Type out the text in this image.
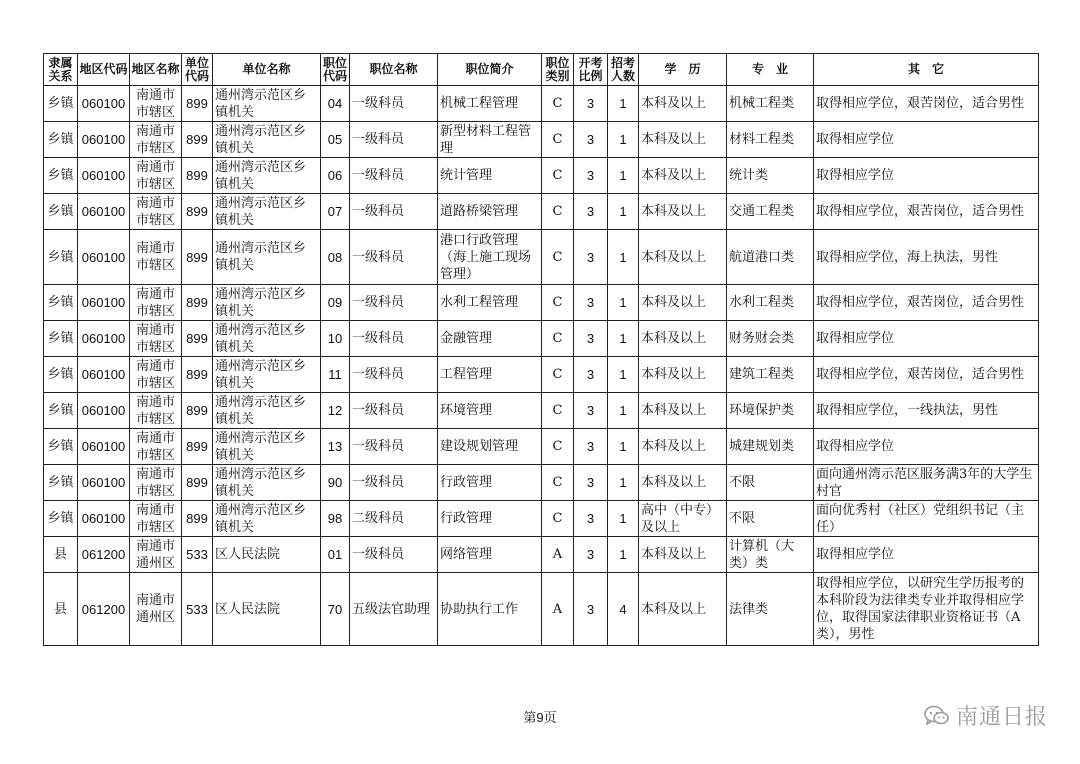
隶属关系	地区代码	地区名称	单位代码	单位名称	职位代码	职位名称	职位简介	职位类别	开考比例	招考人数	学　历	专　业	其　它
乡镇	060100	南通市市辖区	899	通州湾示范区乡镇机关	04	一级科员	机械工程管理	C	3	1	本科及以上	机械工程类	取得相应学位，艰苦岗位，适合男性
乡镇	060100	南通市市辖区	899	通州湾示范区乡镇机关	05	一级科员	新型材料工程管理	C	3	1	本科及以上	材料工程类	取得相应学位
乡镇	060100	南通市市辖区	899	通州湾示范区乡镇机关	06	一级科员	统计管理	C	3	1	本科及以上	统计类	取得相应学位
乡镇	060100	南通市市辖区	899	通州湾示范区乡镇机关	07	一级科员	道路桥梁管理	C	3	1	本科及以上	交通工程类	取得相应学位，艰苦岗位，适合男性
乡镇	060100	南通市市辖区	899	通州湾示范区乡镇机关	08	一级科员	港口行政管理（海上施工现场管理）	C	3	1	本科及以上	航道港口类	取得相应学位，海上执法，男性
乡镇	060100	南通市市辖区	899	通州湾示范区乡镇机关	09	一级科员	水利工程管理	C	3	1	本科及以上	水利工程类	取得相应学位，艰苦岗位，适合男性
乡镇	060100	南通市市辖区	899	通州湾示范区乡镇机关	10	一级科员	金融管理	C	3	1	本科及以上	财务财会类	取得相应学位
乡镇	060100	南通市市辖区	899	通州湾示范区乡镇机关	11	一级科员	工程管理	C	3	1	本科及以上	建筑工程类	取得相应学位，艰苦岗位，适合男性
乡镇	060100	南通市市辖区	899	通州湾示范区乡镇机关	12	一级科员	环境管理	C	3	1	本科及以上	环境保护类	取得相应学位，一线执法，男性
乡镇	060100	南通市市辖区	899	通州湾示范区乡镇机关	13	一级科员	建设规划管理	C	3	1	本科及以上	城建规划类	取得相应学位
乡镇	060100	南通市市辖区	899	通州湾示范区乡镇机关	90	一级科员	行政管理	C	3	1	本科及以上	不限	面向通州湾示范区服务满3年的大学生村官
乡镇	060100	南通市市辖区	899	通州湾示范区乡镇机关	98	二级科员	行政管理	C	3	1	高中（中专）及以上	不限	面向优秀村（社区）党组织书记（主任）
县	061200	南通市通州区	533	区人民法院	01	一级科员	网络管理	A	3	1	本科及以上	计算机（大类）类	取得相应学位
县	061200	南通市通州区	533	区人民法院	70	五级法官助理	协助执行工作	A	3	4	本科及以上	法律类	取得相应学位，以研究生学历报考的本科阶段为法律类专业并取得相应学位，取得国家法律职业资格证书（A类），男性
第9页	南通日报
